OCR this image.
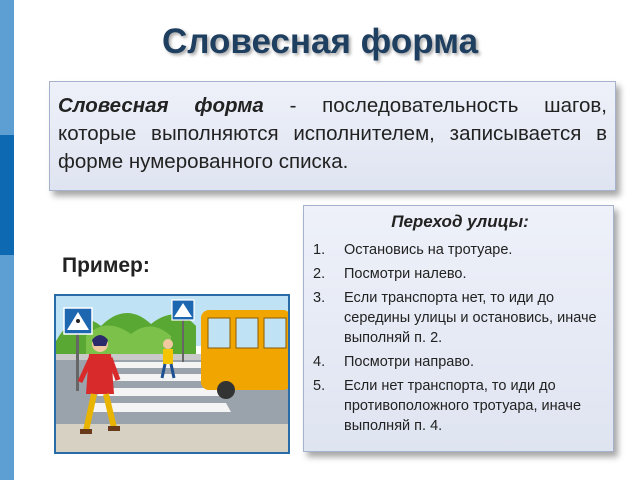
Словесная форма
Словесная форма - последовательность шагов, которые выполняются исполнителем, записывается в форме нумерованного списка.
Пример:
Переход улицы:
1.	Остановись на тротуаре.
2.	Посмотри налево.
3.	Если транспорта нет, то иди до середины улицы и остановись, иначе выполняй п. 2.
4.	Посмотри направо.
5.	Если нет транспорта, то иди до противоположного тротуара, иначе выполняй п. 4.
